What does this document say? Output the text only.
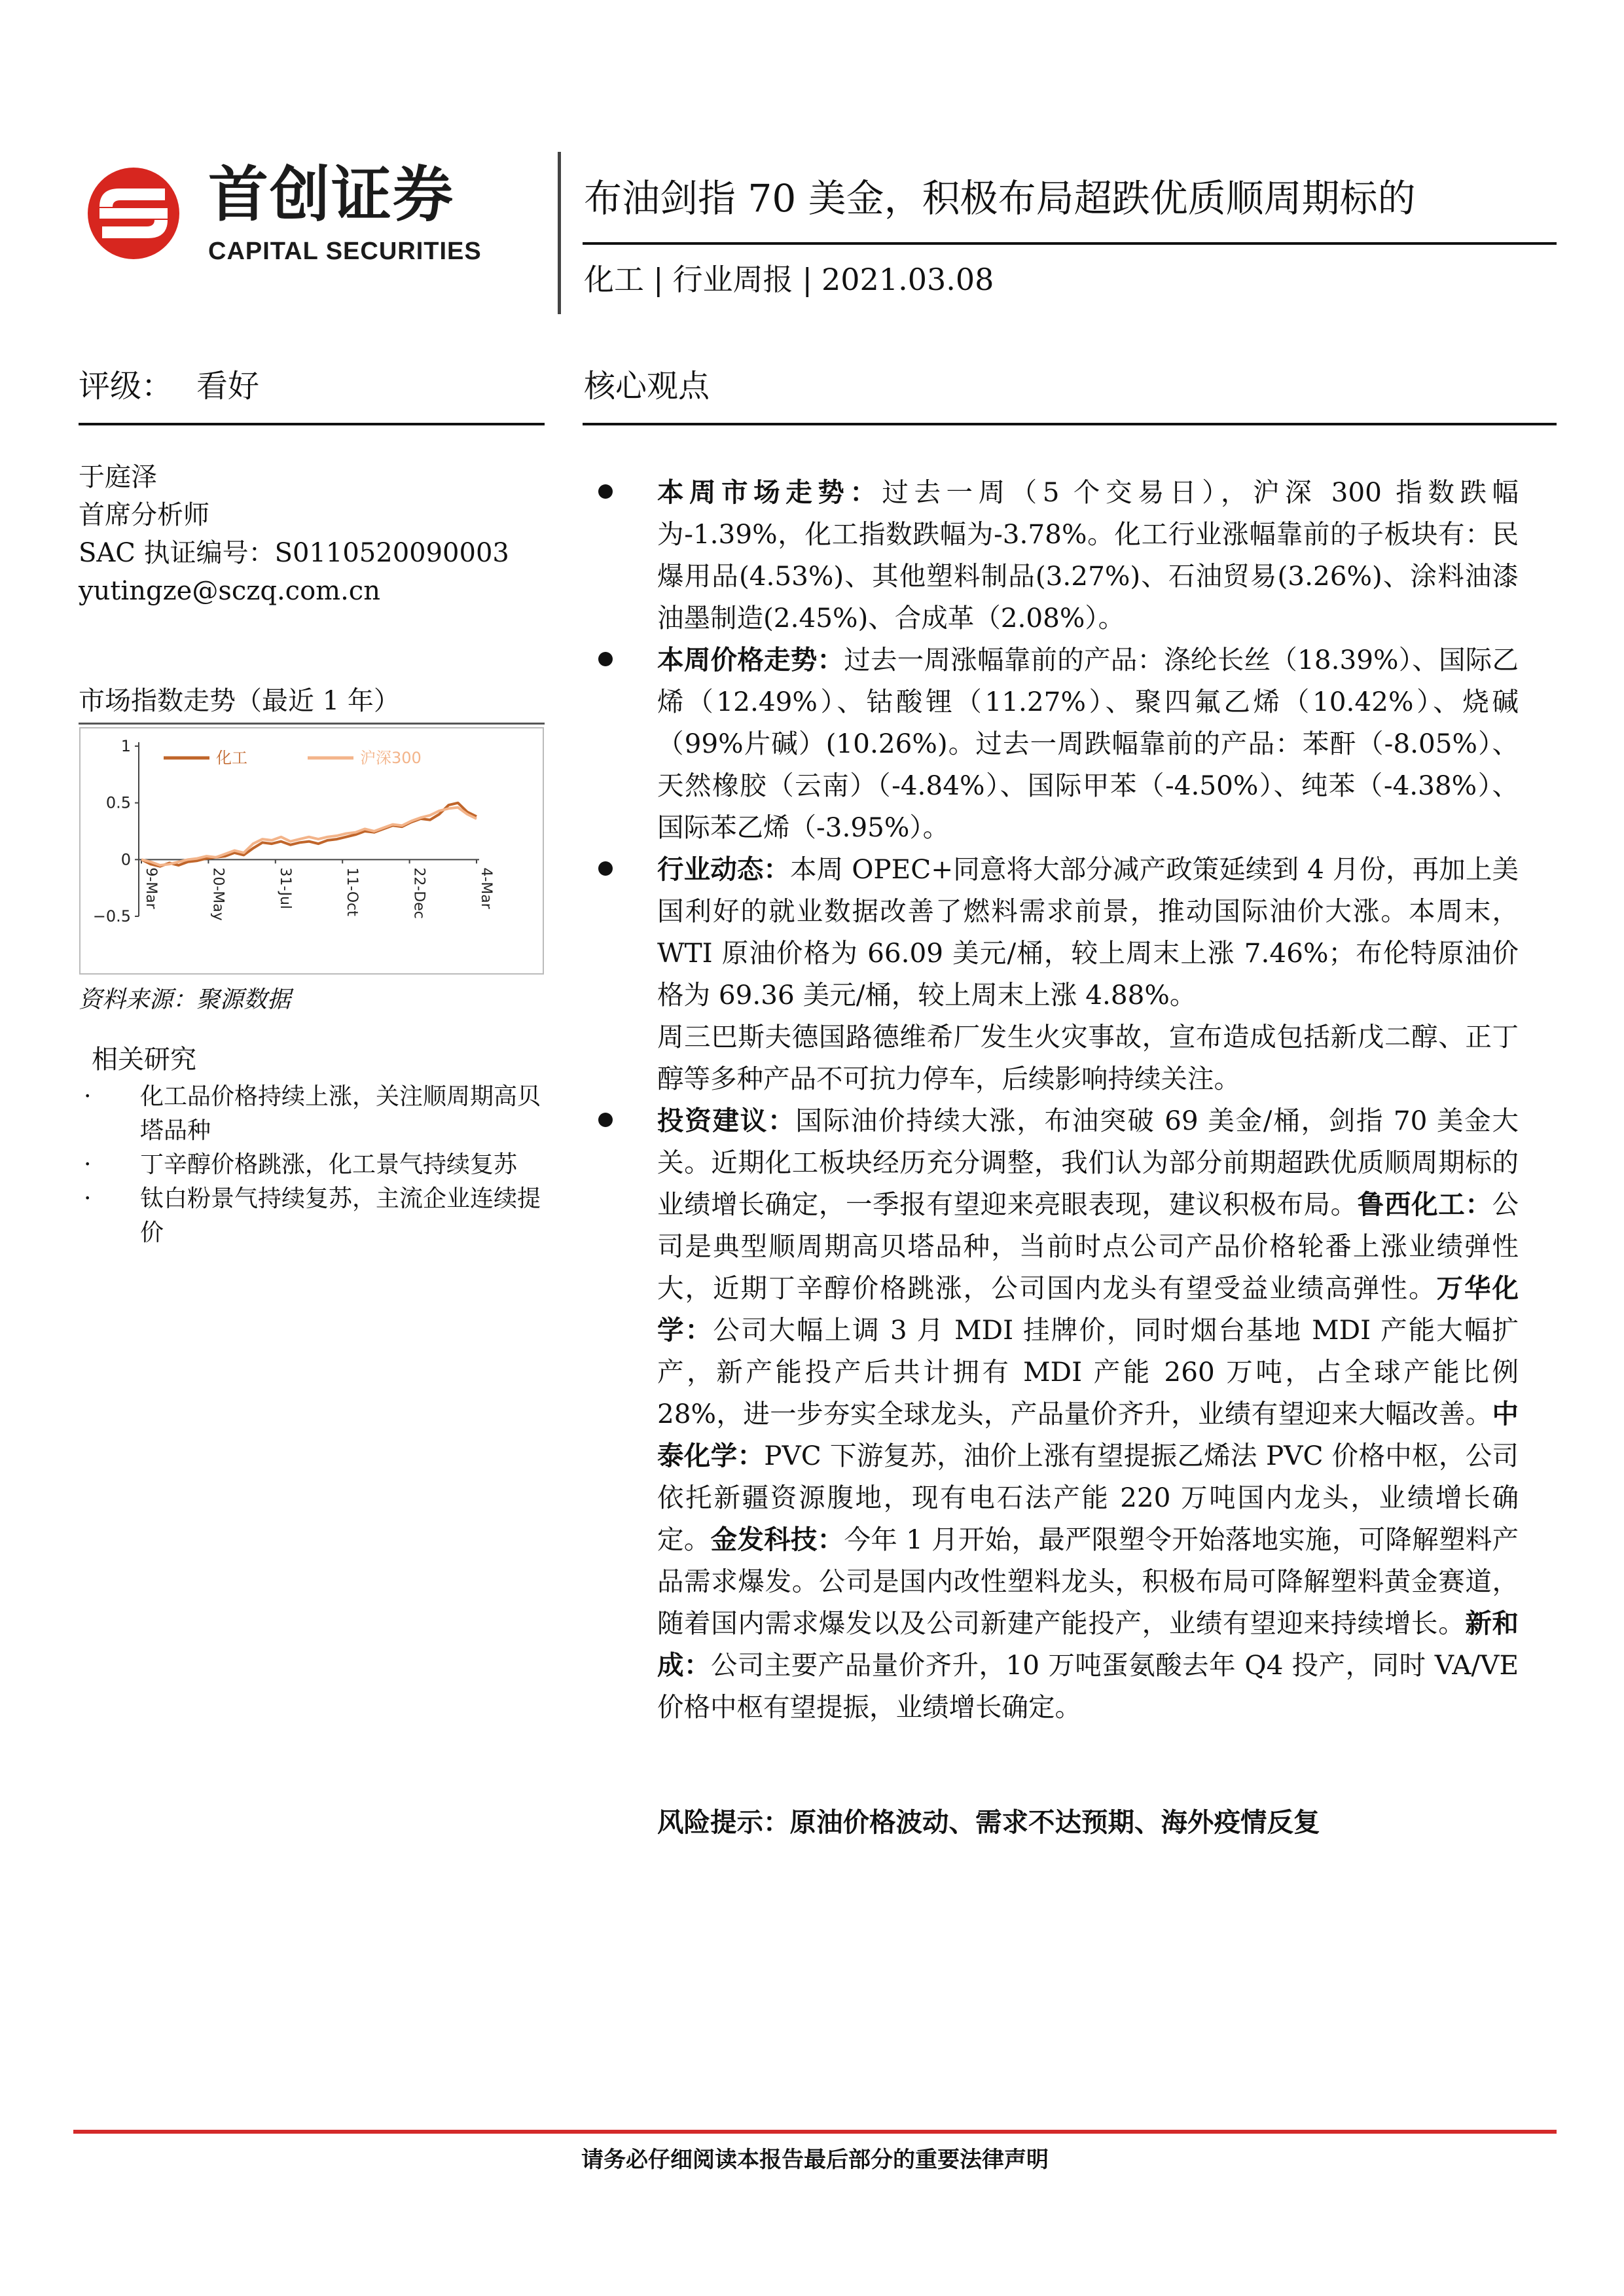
首创证券
CAPITAL SECURITIES
布油剑指 70 美金，积极布局超跌优质顺周期标的
化工 | 行业周报 | 2021.03.08
评级： 看好
于庭泽
首席分析师
SAC 执证编号：S0110520090003
yutingze@sczq.com.cn
市场指数走势（最近 1 年）
1
0.5
0
−0.5
9-Mar	20-May	31-Jul	11-Oct	22-Dec	4-Mar
化工	沪深300
资料来源：聚源数据
相关研究
· 化工品价格持续上涨，关注顺周期高贝塔品种
· 丁辛醇价格跳涨，化工景气持续复苏
· 钛白粉景气持续复苏，主流企业连续提价
核心观点
本周市场走势：过去一周（5 个交易日），沪深 300 指数跌幅为-1.39%，化工指数跌幅为-3.78%。化工行业涨幅靠前的子板块有：民爆用品(4.53%)、其他塑料制品(3.27%)、石油贸易(3.26%)、涂料油漆油墨制造(2.45%)、合成革（2.08%）。
本周价格走势：过去一周涨幅靠前的产品：涤纶长丝（18.39%）、国际乙烯（12.49%）、钴酸锂（11.27%）、聚四氟乙烯（10.42%）、烧碱（99%片碱）(10.26%)。过去一周跌幅靠前的产品：苯酐（-8.05%）、天然橡胶（云南）（-4.84%）、国际甲苯（-4.50%）、纯苯（-4.38%）、国际苯乙烯（-3.95%）。
行业动态：本周 OPEC+同意将大部分减产政策延续到 4 月份，再加上美国利好的就业数据改善了燃料需求前景，推动国际油价大涨。本周末，WTI 原油价格为 66.09 美元/桶，较上周末上涨 7.46%；布伦特原油价格为 69.36 美元/桶，较上周末上涨 4.88%。
周三巴斯夫德国路德维希厂发生火灾事故，宣布造成包括新戊二醇、正丁醇等多种产品不可抗力停车，后续影响持续关注。
投资建议：国际油价持续大涨，布油突破 69 美金/桶，剑指 70 美金大关。近期化工板块经历充分调整，我们认为部分前期超跌优质顺周期标的业绩增长确定，一季报有望迎来亮眼表现，建议积极布局。鲁西化工：公司是典型顺周期高贝塔品种，当前时点公司产品价格轮番上涨业绩弹性大，近期丁辛醇价格跳涨，公司国内龙头有望受益业绩高弹性。万华化学：公司大幅上调 3 月 MDI 挂牌价，同时烟台基地 MDI 产能大幅扩产，新产能投产后共计拥有 MDI 产能 260 万吨，占全球产能比例 28%，进一步夯实全球龙头，产品量价齐升，业绩有望迎来大幅改善。中泰化学：PVC 下游复苏，油价上涨有望提振乙烯法 PVC 价格中枢，公司依托新疆资源腹地，现有电石法产能 220 万吨国内龙头，业绩增长确定。金发科技：今年 1 月开始，最严限塑令开始落地实施，可降解塑料产品需求爆发。公司是国内改性塑料龙头，积极布局可降解塑料黄金赛道，随着国内需求爆发以及公司新建产能投产，业绩有望迎来持续增长。新和成：公司主要产品量价齐升，10 万吨蛋氨酸去年 Q4 投产，同时 VA/VE 价格中枢有望提振，业绩增长确定。
风险提示：原油价格波动、需求不达预期、海外疫情反复
请务必仔细阅读本报告最后部分的重要法律声明
